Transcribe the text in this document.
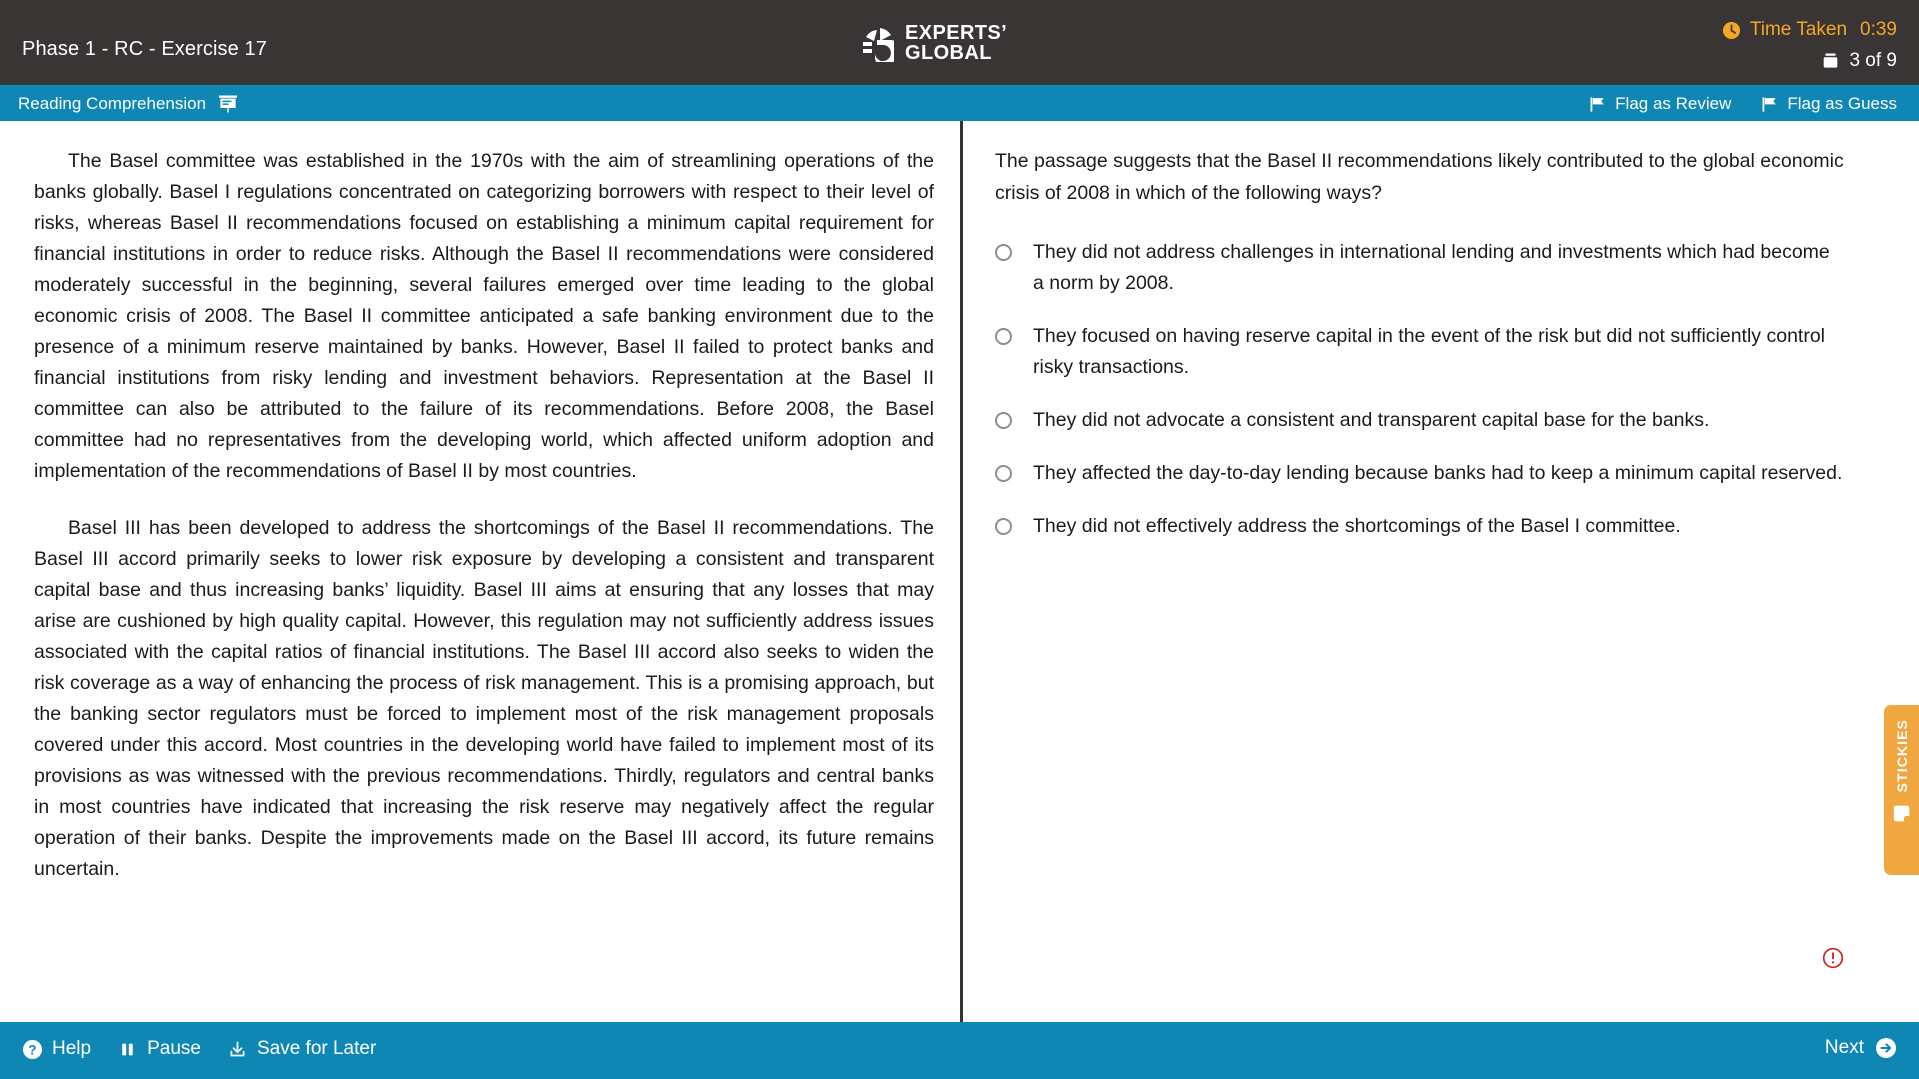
Phase 1 - RC - Exercise 17
EXPERTS’
GLOBAL
Time Taken 0:39
3 of 9
Reading Comprehension	Flag as Review	Flag as Guess

The Basel committee was established in the 1970s with the aim of streamlining operations of the banks globally. Basel I regulations concentrated on categorizing borrowers with respect to their level of risks, whereas Basel II recommendations focused on establishing a minimum capital requirement for financial institutions in order to reduce risks. Although the Basel II recommendations were considered moderately successful in the beginning, several failures emerged over time leading to the global economic crisis of 2008. The Basel II committee anticipated a safe banking environment due to the presence of a minimum reserve maintained by banks. However, Basel II failed to protect banks and financial institutions from risky lending and investment behaviors. Representation at the Basel II committee can also be attributed to the failure of its recommendations. Before 2008, the Basel committee had no representatives from the developing world, which affected uniform adoption and implementation of the recommendations of Basel II by most countries.

Basel III has been developed to address the shortcomings of the Basel II recommendations. The Basel III accord primarily seeks to lower risk exposure by developing a consistent and transparent capital base and thus increasing banks’ liquidity. Basel III aims at ensuring that any losses that may arise are cushioned by high quality capital. However, this regulation may not sufficiently address issues associated with the capital ratios of financial institutions. The Basel III accord also seeks to widen the risk coverage as a way of enhancing the process of risk management. This is a promising approach, but the banking sector regulators must be forced to implement most of the risk management proposals covered under this accord. Most countries in the developing world have failed to implement most of its provisions as was witnessed with the previous recommendations. Thirdly, regulators and central banks in most countries have indicated that increasing the risk reserve may negatively affect the regular operation of their banks. Despite the improvements made on the Basel III accord, its future remains uncertain.

The passage suggests that the Basel II recommendations likely contributed to the global economic crisis of 2008 in which of the following ways?
They did not address challenges in international lending and investments which had become a norm by 2008.
They focused on having reserve capital in the event of the risk but did not sufficiently control risky transactions.
They did not advocate a consistent and transparent capital base for the banks.
They affected the day-to-day lending because banks had to keep a minimum capital reserved.
They did not effectively address the shortcomings of the Basel I committee.
STICKIES
? Help	Pause	Save for Later	Next
